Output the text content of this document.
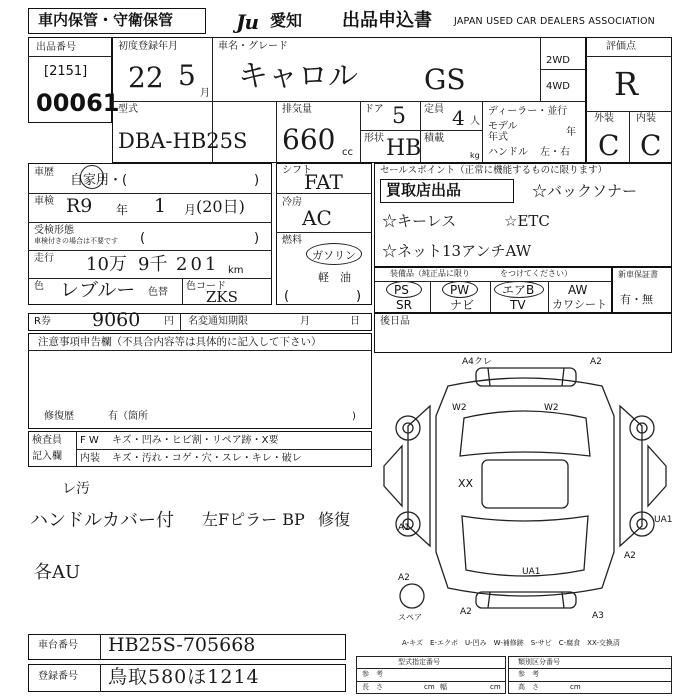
車内保管・守衛保管	Ju 愛知 出品申込書 JAPAN USED CAR DEALERS ASSOCIATION
出品番号
[2151]
00061
初度登録年月
22 5
月
車名・グレード
キャロル GS
2WD
4WD
評価点
R
外装 内装
C C
型式
DBA-HB25S
排気量
660 cc
ドア 5 定員 4 人
形状 HB 積載
kg
ディーラー・並行
モデル
年式	年
ハンドル 左・右
車歴
自家用・(	)
車検 R9 年 1 月 (20日)
受検形態
車検付きの場合は不要です (	)
走行 10万 9千 201 km
色 レブルー 色替
色コード
ZKS
シフト
FAT
冷房
AC
燃料
ガソリン
軽　油
(	)
セールスポイント（正常に機能するものに限ります）
買取店出品	☆バックソナー
☆キーレス	☆ETC
☆ネット13アンチAW
装備品（純正品に限り	をつけてください）
PS	PW	エアB	AW
SR	ナビ	TV カワシート
新車保証書
有・無
R券 9060 円 名変通知期限	月	日 後日品
注意事項申告欄（不具合内容等は具体的に記入して下さい）
修復歴	有（箇所	)
検査員
記入欄
F W キズ・凹み・ヒビ割・リペア跡・X要
内装 キズ・汚れ・コゲ・穴・スレ・キレ・破レ
レ汚
ハンドルカバー付 左Fピラー BP 修復
各AU
A4クレ	A2
W2	W2
XX
A1
UA1
UA1
A2
A2
A2	A3
スペア
A-キズ　E-エクボ　U-凹み　W-補修跡　S-サビ　C-腐食　XX-交換済
車台番号 HB25S-705668
登録番号 鳥取580ほ1214
型式指定番号
参　考
長　さ	幅
cm	cm
類別区分番号
参　考
高　さ	cm
